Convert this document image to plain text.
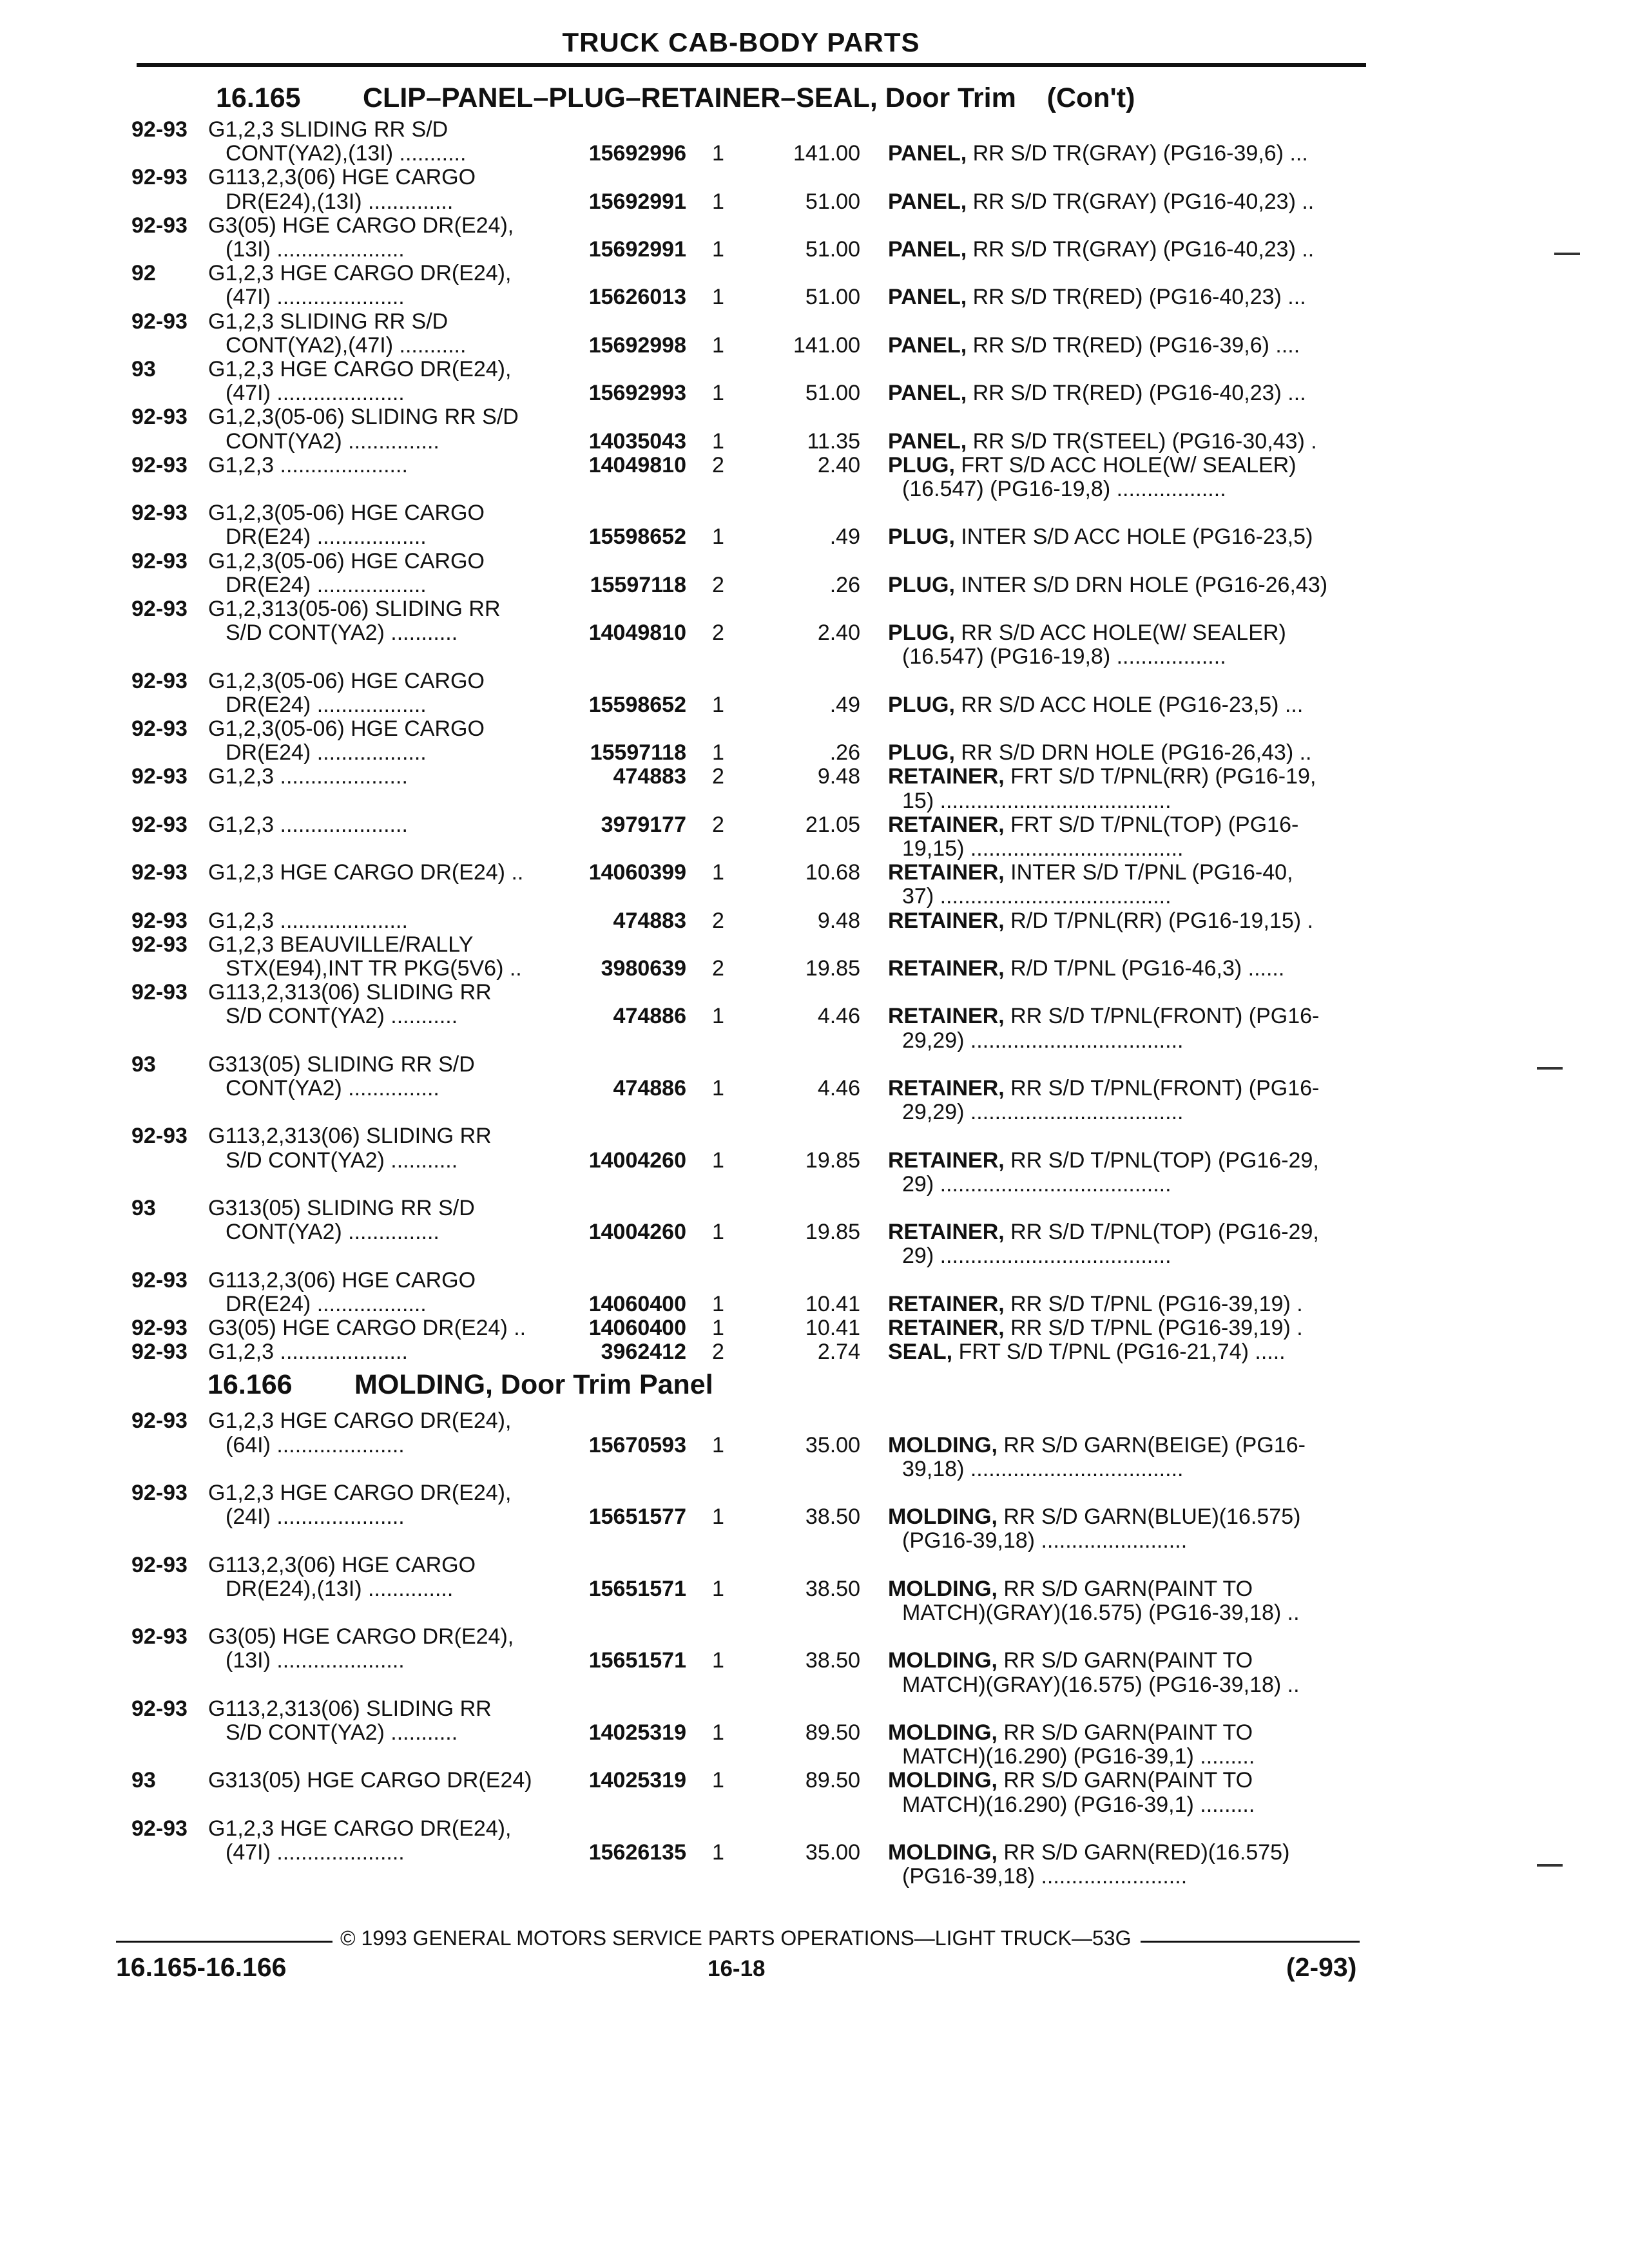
TRUCK CAB-BODY PARTS
16.165 CLIP–PANEL–PLUG–RETAINER–SEAL, Door Trim (Con't)
92-93 G1,2,3 SLIDING RR S/D
CONT(YA2),(13I) ...........	15692996 1	141.00 PANEL, RR S/D TR(GRAY) (PG16-39,6) ...
92-93 G113,2,3(06) HGE CARGO
DR(E24),(13I) ..............	15692991 1	51.00 PANEL, RR S/D TR(GRAY) (PG16-40,23) ..
92-93 G3(05) HGE CARGO DR(E24),
(13I) .....................	15692991 1	51.00 PANEL, RR S/D TR(GRAY) (PG16-40,23) ..
92 G1,2,3 HGE CARGO DR(E24),
(47I) .....................	15626013 1	51.00 PANEL, RR S/D TR(RED) (PG16-40,23) ...
92-93 G1,2,3 SLIDING RR S/D
CONT(YA2),(47I) ...........	15692998 1	141.00 PANEL, RR S/D TR(RED) (PG16-39,6) ....
93 G1,2,3 HGE CARGO DR(E24),
(47I) .....................	15692993 1	51.00 PANEL, RR S/D TR(RED) (PG16-40,23) ...
92-93 G1,2,3(05-06) SLIDING RR S/D
CONT(YA2) ...............	14035043 1	11.35 PANEL, RR S/D TR(STEEL) (PG16-30,43) .
92-93 G1,2,3 .....................	14049810 2	2.40 PLUG, FRT S/D ACC HOLE(W/ SEALER)
(16.547) (PG16-19,8) ..................
92-93 G1,2,3(05-06) HGE CARGO
DR(E24) ..................	15598652 1	.49 PLUG, INTER S/D ACC HOLE (PG16-23,5)
92-93 G1,2,3(05-06) HGE CARGO
DR(E24) ..................	15597118 2	.26 PLUG, INTER S/D DRN HOLE (PG16-26,43)
92-93 G1,2,313(05-06) SLIDING RR
S/D CONT(YA2) ...........	14049810 2	2.40 PLUG, RR S/D ACC HOLE(W/ SEALER)
(16.547) (PG16-19,8) ..................
92-93 G1,2,3(05-06) HGE CARGO
DR(E24) ..................	15598652 1	.49 PLUG, RR S/D ACC HOLE (PG16-23,5) ...
92-93 G1,2,3(05-06) HGE CARGO
DR(E24) ..................	15597118 1	.26 PLUG, RR S/D DRN HOLE (PG16-26,43) ..
92-93 G1,2,3 .....................	474883 2	9.48 RETAINER, FRT S/D T/PNL(RR) (PG16-19,
15) ......................................
92-93 G1,2,3 .....................	3979177 2	21.05 RETAINER, FRT S/D T/PNL(TOP) (PG16-
19,15) ...................................
92-93 G1,2,3 HGE CARGO DR(E24) ..	14060399 1	10.68 RETAINER, INTER S/D T/PNL (PG16-40,
37) ......................................
92-93 G1,2,3 .....................	474883 2	9.48 RETAINER, R/D T/PNL(RR) (PG16-19,15) .
92-93 G1,2,3 BEAUVILLE/RALLY
STX(E94),INT TR PKG(5V6) ..	3980639 2	19.85 RETAINER, R/D T/PNL (PG16-46,3) ......
92-93 G113,2,313(06) SLIDING RR
S/D CONT(YA2) ...........	474886 1	4.46 RETAINER, RR S/D T/PNL(FRONT) (PG16-
29,29) ...................................
93 G313(05) SLIDING RR S/D
CONT(YA2) ...............	474886 1	4.46 RETAINER, RR S/D T/PNL(FRONT) (PG16-
29,29) ...................................
92-93 G113,2,313(06) SLIDING RR
S/D CONT(YA2) ...........	14004260 1	19.85 RETAINER, RR S/D T/PNL(TOP) (PG16-29,
29) ......................................
93 G313(05) SLIDING RR S/D
CONT(YA2) ...............	14004260 1	19.85 RETAINER, RR S/D T/PNL(TOP) (PG16-29,
29) ......................................
92-93 G113,2,3(06) HGE CARGO
DR(E24) ..................	14060400 1	10.41 RETAINER, RR S/D T/PNL (PG16-39,19) .
92-93 G3(05) HGE CARGO DR(E24) ..	14060400 1	10.41 RETAINER, RR S/D T/PNL (PG16-39,19) .
92-93 G1,2,3 .....................	3962412 2	2.74 SEAL, FRT S/D T/PNL (PG16-21,74) .....
16.166 MOLDING, Door Trim Panel
92-93 G1,2,3 HGE CARGO DR(E24),
(64I) .....................	15670593 1	35.00 MOLDING, RR S/D GARN(BEIGE) (PG16-
39,18) ...................................
92-93 G1,2,3 HGE CARGO DR(E24),
(24I) .....................	15651577 1	38.50 MOLDING, RR S/D GARN(BLUE)(16.575)
(PG16-39,18) ........................
92-93 G113,2,3(06) HGE CARGO
DR(E24),(13I) ..............	15651571 1	38.50 MOLDING, RR S/D GARN(PAINT TO
MATCH)(GRAY)(16.575) (PG16-39,18) ..
92-93 G3(05) HGE CARGO DR(E24),
(13I) .....................	15651571 1	38.50 MOLDING, RR S/D GARN(PAINT TO
MATCH)(GRAY)(16.575) (PG16-39,18) ..
92-93 G113,2,313(06) SLIDING RR
S/D CONT(YA2) ...........	14025319 1	89.50 MOLDING, RR S/D GARN(PAINT TO
MATCH)(16.290) (PG16-39,1) .........
93 G313(05) HGE CARGO DR(E24)	14025319 1	89.50 MOLDING, RR S/D GARN(PAINT TO
MATCH)(16.290) (PG16-39,1) .........
92-93 G1,2,3 HGE CARGO DR(E24),
(47I) .....................	15626135 1	35.00 MOLDING, RR S/D GARN(RED)(16.575)
(PG16-39,18) ........................
© 1993 GENERAL MOTORS SERVICE PARTS OPERATIONS—LIGHT TRUCK—53G
16.165-16.166	16-18	(2-93)
